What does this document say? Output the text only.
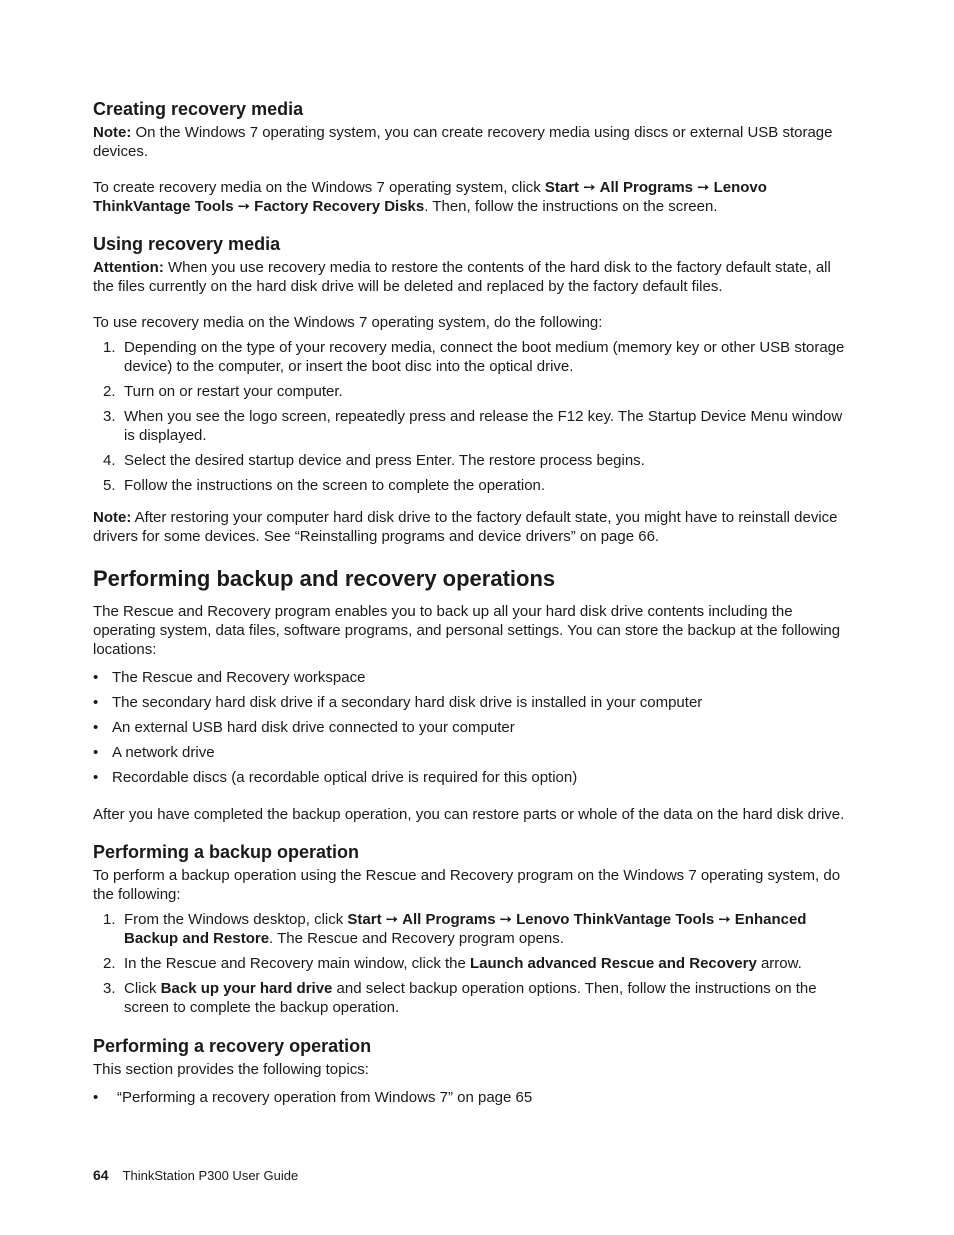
Creating recovery media

Note: On the Windows 7 operating system, you can create recovery media using discs or external USB storage devices.

To create recovery media on the Windows 7 operating system, click Start ➙ All Programs ➙ Lenovo ThinkVantage Tools ➙ Factory Recovery Disks. Then, follow the instructions on the screen.

Using recovery media

Attention: When you use recovery media to restore the contents of the hard disk to the factory default state, all the files currently on the hard disk drive will be deleted and replaced by the factory default files.

To use recovery media on the Windows 7 operating system, do the following:

1. Depending on the type of your recovery media, connect the boot medium (memory key or other USB storage device) to the computer, or insert the boot disc into the optical drive.
2. Turn on or restart your computer.
3. When you see the logo screen, repeatedly press and release the F12 key. The Startup Device Menu window is displayed.
4. Select the desired startup device and press Enter. The restore process begins.
5. Follow the instructions on the screen to complete the operation.

Note: After restoring your computer hard disk drive to the factory default state, you might have to reinstall device drivers for some devices. See “Reinstalling programs and device drivers” on page 66.

Performing backup and recovery operations

The Rescue and Recovery program enables you to back up all your hard disk drive contents including the operating system, data files, software programs, and personal settings. You can store the backup at the following locations:

• The Rescue and Recovery workspace
• The secondary hard disk drive if a secondary hard disk drive is installed in your computer
• An external USB hard disk drive connected to your computer
• A network drive
• Recordable discs (a recordable optical drive is required for this option)

After you have completed the backup operation, you can restore parts or whole of the data on the hard disk drive.

Performing a backup operation

To perform a backup operation using the Rescue and Recovery program on the Windows 7 operating system, do the following:

1. From the Windows desktop, click Start ➙ All Programs ➙ Lenovo ThinkVantage Tools ➙ Enhanced Backup and Restore. The Rescue and Recovery program opens.
2. In the Rescue and Recovery main window, click the Launch advanced Rescue and Recovery arrow.
3. Click Back up your hard drive and select backup operation options. Then, follow the instructions on the screen to complete the backup operation.
Performing a recovery operation

This section provides the following topics:

• “Performing a recovery operation from Windows 7” on page 65
64 ThinkStation P300 User Guide
